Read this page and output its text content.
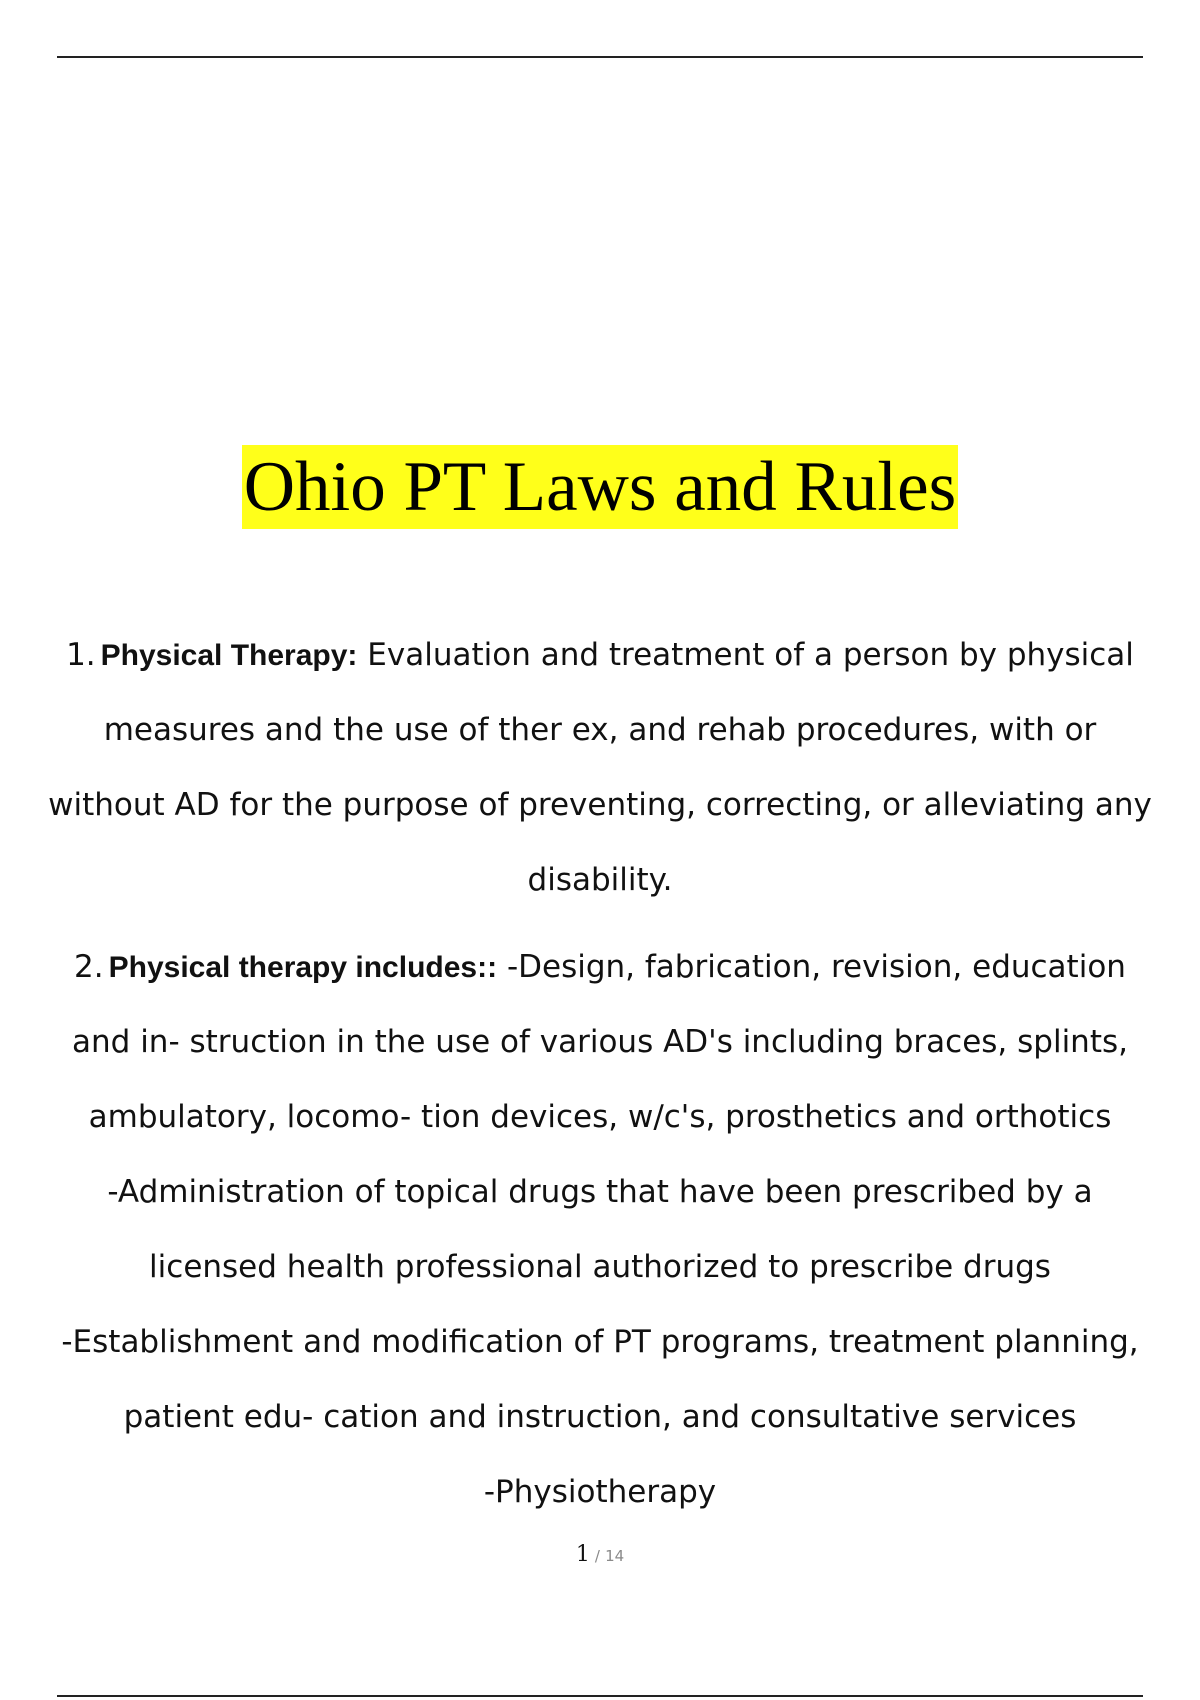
Ohio PT Laws and Rules
1. Physical Therapy: Evaluation and treatment of a person by physical
measures and the use of ther ex, and rehab procedures, with or
without AD for the purpose of preventing, correcting, or alleviating any
disability.
2. Physical therapy includes:: -Design, fabrication, revision, education
and in- struction in the use of various AD's including braces, splints,
ambulatory, locomo- tion devices, w/c's, prosthetics and orthotics
-Administration of topical drugs that have been prescribed by a
licensed health professional authorized to prescribe drugs
-Establishment and modification of PT programs, treatment planning,
patient edu- cation and instruction, and consultative services
-Physiotherapy
1 / 14
